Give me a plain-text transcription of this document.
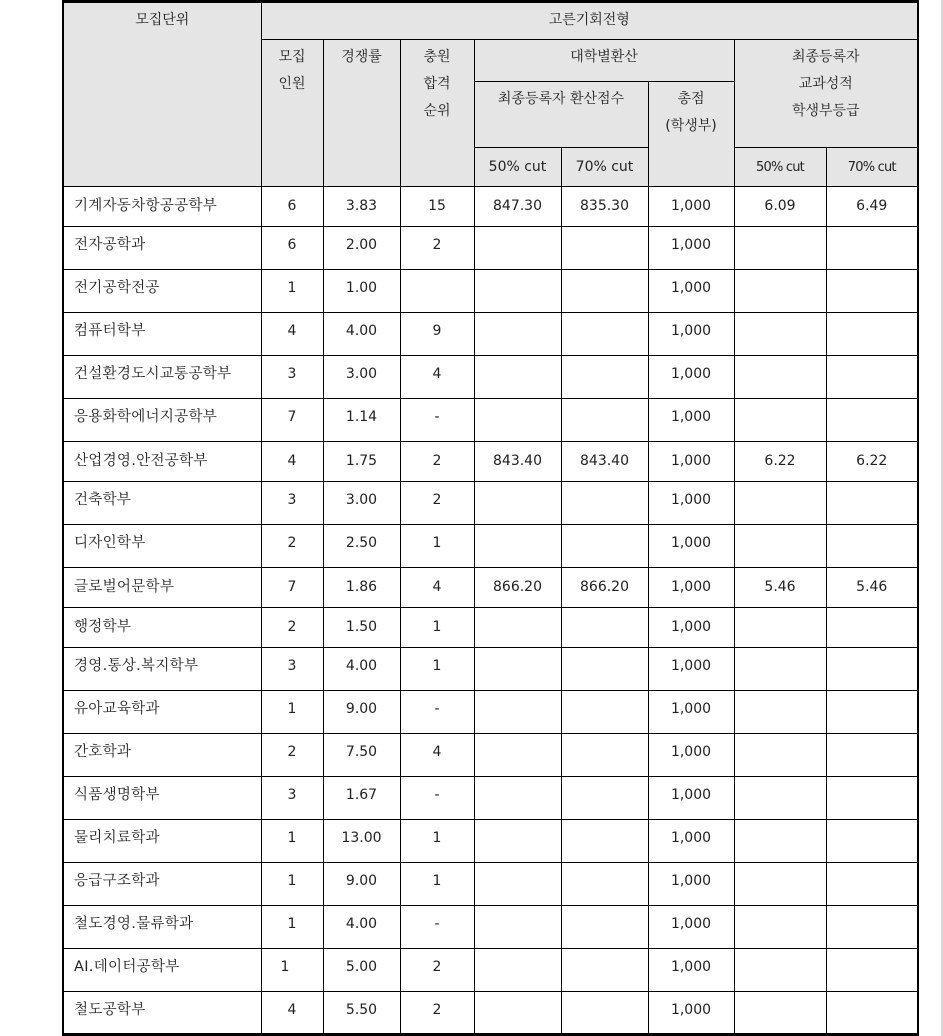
모집단위	고른기회전형							

	모집
인원	경쟁률	충원
합격
순위	대학별환산			최종등록자
교과성적
학생부등급	

				최종등록자 환산점수		총점
(학생부)		

				50% cut	70% cut		50% cut	70% cut

기계자동차항공공학부	6	3.83	15	847.30	835.30	1,000	6.09	6.49
전자공학과	6	2.00	2			1,000		
전기공학전공	1	1.00				1,000		
컴퓨터학부	4	4.00	9			1,000		
건설환경도시교통공학부	3	3.00	4			1,000		
응용화학에너지공학부	7	1.14	-			1,000		
산업경영.안전공학부	4	1.75	2	843.40	843.40	1,000	6.22	6.22
건축학부	3	3.00	2			1,000		
디자인학부	2	2.50	1			1,000		
글로벌어문학부	7	1.86	4	866.20	866.20	1,000	5.46	5.46
행정학부	2	1.50	1			1,000		
경영.통상.복지학부	3	4.00	1			1,000		
유아교육학과	1	9.00	-			1,000		
간호학과	2	7.50	4			1,000		
식품생명학부	3	1.67	-			1,000		
물리치료학과	1	13.00	1			1,000		
응급구조학과	1	9.00	1			1,000		
철도경영.물류학과	1	4.00	-			1,000		
AI.데이터공학부	1	5.00	2			1,000		
철도공학부	4	5.50	2			1,000		
